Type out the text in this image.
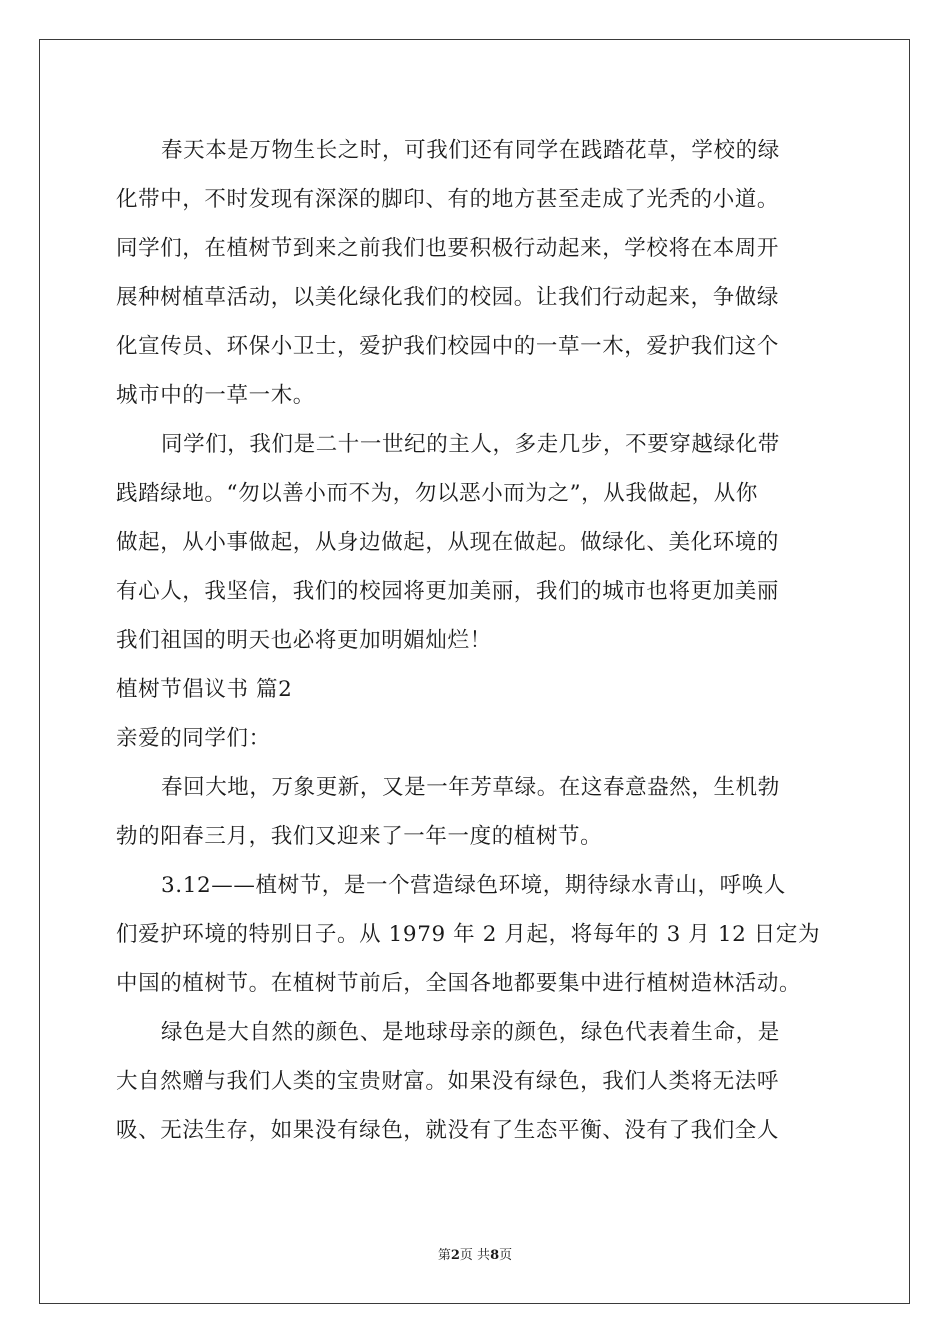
春天本是万物生长之时，可我们还有同学在践踏花草，学校的绿
化带中，不时发现有深深的脚印、有的地方甚至走成了光秃的小道。
同学们，在植树节到来之前我们也要积极行动起来，学校将在本周开
展种树植草活动，以美化绿化我们的校园。让我们行动起来，争做绿
化宣传员、环保小卫士，爱护我们校园中的一草一木，爱护我们这个
城市中的一草一木。
同学们，我们是二十一世纪的主人，多走几步，不要穿越绿化带
践踏绿地。“勿以善小而不为，勿以恶小而为之”，从我做起，从你
做起，从小事做起，从身边做起，从现在做起。做绿化、美化环境的
有心人，我坚信，我们的校园将更加美丽，我们的城市也将更加美丽
我们祖国的明天也必将更加明媚灿烂！
植树节倡议书 篇2
亲爱的同学们：
春回大地，万象更新，又是一年芳草绿。在这春意盎然，生机勃
勃的阳春三月，我们又迎来了一年一度的植树节。
3.12——植树节，是一个营造绿色环境，期待绿水青山，呼唤人
们爱护环境的特别日子。从 1979 年 2 月起，将每年的 3 月 12 日定为
中国的植树节。在植树节前后，全国各地都要集中进行植树造林活动。
绿色是大自然的颜色、是地球母亲的颜色，绿色代表着生命，是
大自然赠与我们人类的宝贵财富。如果没有绿色，我们人类将无法呼
吸、无法生存，如果没有绿色，就没有了生态平衡、没有了我们全人
第2页 共8页
